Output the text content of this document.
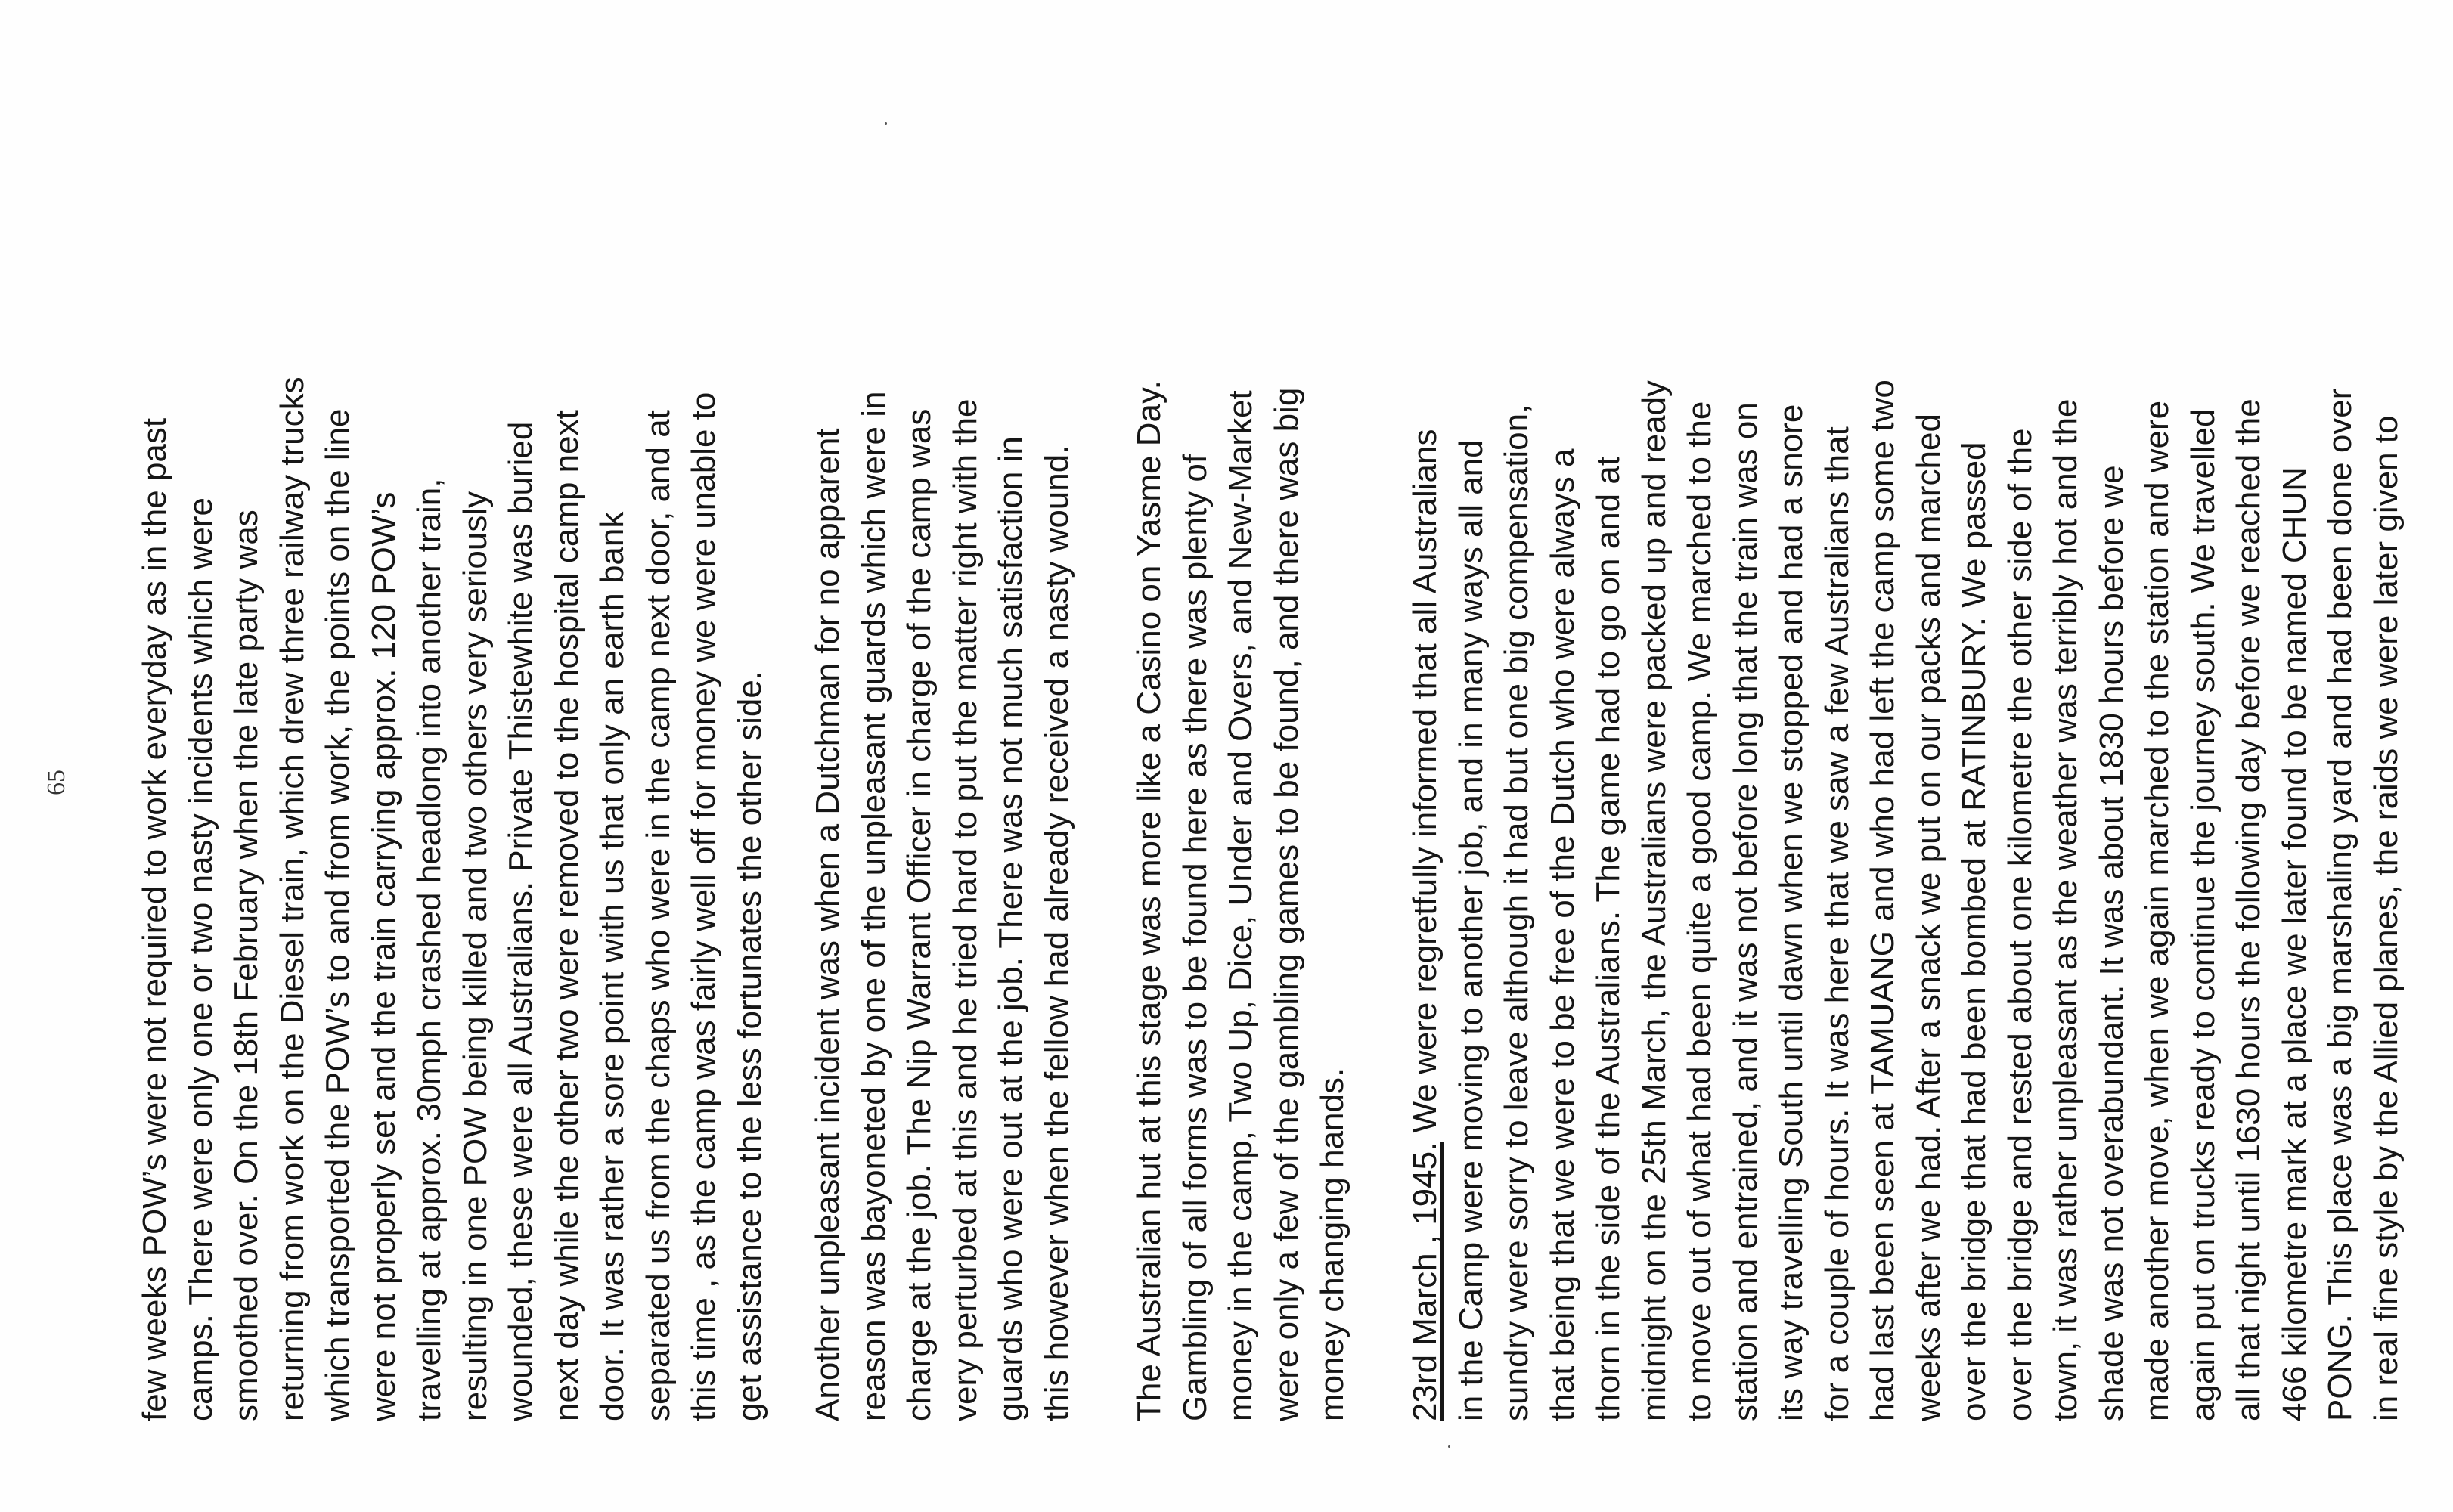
65	few weeks POW’s were not required to work everyday as in the past camps. There were only one or two nasty incidents which were smoothed over. On the 18th February when the late party was returning from work on the Diesel train, which drew three railway trucks which transported the POW’s to and from work, the points on the line were not properly set and the train carrying approx. 120 POW’s travelling at approx. 30mph crashed headlong into another train, resulting in one POW being killed and two others very seriously wounded, these were all Australians. Private Thistewhite was buried next day while the other two were removed to the hospital camp next door. It was rather a sore point with us that only an earth bank separated us from the chaps who were in the camp next door, and at this time , as the camp was fairly well off for money we were unable to get assistance to the less fortunates the other side. Another unpleasant incident was when a Dutchman for no apparent reason was bayoneted by one of the unpleasant guards which were in charge at the job. The Nip Warrant Officer in charge of the camp was very perturbed at this and he tried hard to put the matter right with the guards who were out at the job. There was not much satisfaction in this however when the fellow had already received a nasty wound. The Australian hut at this stage was more like a Casino on Yasme Day. Gambling of all forms was to be found here as there was plenty of money in the camp, Two Up, Dice, Under and Overs, and New-Market were only a few of the gambling games to be found, and there was big money changing hands. 23rd March , 1945. We were regretfully informed that all Australians in the Camp were moving to another job, and in many ways all and sundry were sorry to leave although it had but one big compensation, that being that we were to be free of the Dutch who were always a thorn in the side of the Australians. The game had to go on and at midnight on the 25th March, the Australians were packed up and ready to move out of what had been quite a good camp. We marched to the station and entrained, and it was not before long that the train was on its way travelling South until dawn when we stopped and had a snore for a couple of hours. It was here that we saw a few Australians that had last been seen at TAMUANG and who had left the camp some two weeks after we had. After a snack we put on our packs and marched over the bridge that had been bombed at RATINBURY. We passed over the bridge and rested about one kilometre the other side of the town, it was rather unpleasant as the weather was terribly hot and the shade was not overabundant. It was about 1830 hours before we made another move, when we again marched to the station and were again put on trucks ready to continue the journey south. We travelled all that night until 1630 hours the following day before we reached the 466 kilometre mark at a place we later found to be named CHUN PONG. This place was a big marshaling yard and had been done over in real fine style by the Allied planes, the raids we were later given to
